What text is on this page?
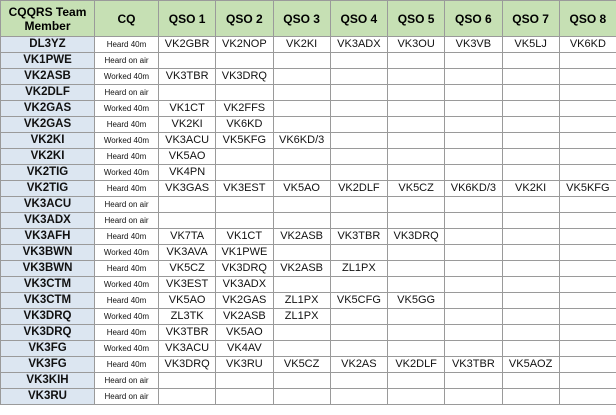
CQQRS Team Member	CQ	QSO 1	QSO 2	QSO 3	QSO 4	QSO 5	QSO 6	QSO 7	QSO 8
DL3YZ	Heard 40m	VK2GBR	VK2NOP	VK2KI	VK3ADX	VK3OU	VK3VB	VK5LJ	VK6KD
VK1PWE	Heard on air								
VK2ASB	Worked 40m	VK3TBR	VK3DRQ						
VK2DLF	Heard on air								
VK2GAS	Worked 40m	VK1CT	VK2FFS						
VK2GAS	Heard 40m	VK2KI	VK6KD						
VK2KI	Worked 40m	VK3ACU	VK5KFG	VK6KD/3					
VK2KI	Heard 40m	VK5AO							
VK2TIG	Worked 40m	VK4PN							
VK2TIG	Heard 40m	VK3GAS	VK3EST	VK5AO	VK2DLF	VK5CZ	VK6KD/3	VK2KI	VK5KFG
VK3ACU	Heard on air								
VK3ADX	Heard on air								
VK3AFH	Heard 40m	VK7TA	VK1CT	VK2ASB	VK3TBR	VK3DRQ			
VK3BWN	Worked 40m	VK3AVA	VK1PWE						
VK3BWN	Heard 40m	VK5CZ	VK3DRQ	VK2ASB	ZL1PX				
VK3CTM	Worked 40m	VK3EST	VK3ADX						
VK3CTM	Heard 40m	VK5AO	VK2GAS	ZL1PX	VK5CFG	VK5GG			
VK3DRQ	Worked 40m	ZL3TK	VK2ASB	ZL1PX					
VK3DRQ	Heard 40m	VK3TBR	VK5AO						
VK3FG	Worked 40m	VK3ACU	VK4AV						
VK3FG	Heard 40m	VK3DRQ	VK3RU	VK5CZ	VK2AS	VK2DLF	VK3TBR	VK5AOZ	
VK3KIH	Heard on air								
VK3RU	Heard on air								
